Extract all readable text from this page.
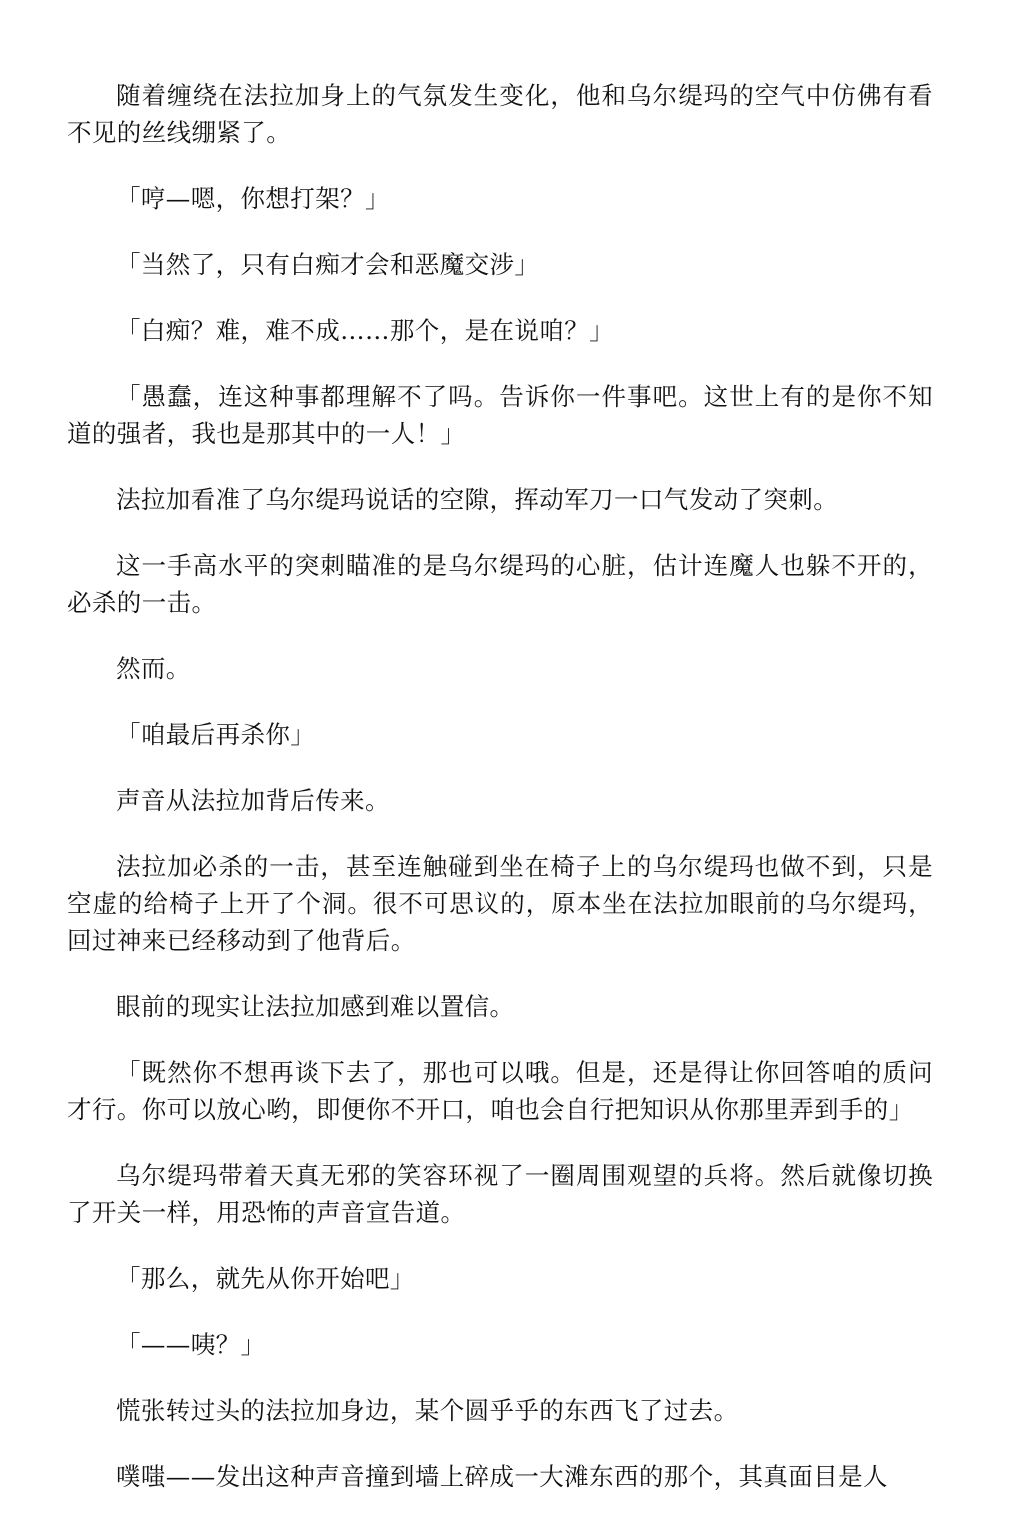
随着缠绕在法拉加身上的气氛发生变化，他和乌尔缇玛的空气中仿佛有看不见的丝线绷紧了。

「哼—嗯，你想打架？」

「当然了，只有白痴才会和恶魔交涉」

「白痴？难，难不成……那个，是在说咱？」

「愚蠢，连这种事都理解不了吗。告诉你一件事吧。这世上有的是你不知道的强者，我也是那其中的一人！」

法拉加看准了乌尔缇玛说话的空隙，挥动军刀一口气发动了突刺。

这一手高水平的突刺瞄准的是乌尔缇玛的心脏，估计连魔人也躲不开的，必杀的一击。

然而。

「咱最后再杀你」

声音从法拉加背后传来。

法拉加必杀的一击，甚至连触碰到坐在椅子上的乌尔缇玛也做不到，只是空虚的给椅子上开了个洞。很不可思议的，原本坐在法拉加眼前的乌尔缇玛，回过神来已经移动到了他背后。

眼前的现实让法拉加感到难以置信。

「既然你不想再谈下去了，那也可以哦。但是，还是得让你回答咱的质问才行。你可以放心哟，即便你不开口，咱也会自行把知识从你那里弄到手的」

乌尔缇玛带着天真无邪的笑容环视了一圈周围观望的兵将。然后就像切换了开关一样，用恐怖的声音宣告道。

「那么，就先从你开始吧」

「——咦？」

慌张转过头的法拉加身边，某个圆乎乎的东西飞了过去。

噗嗤——发出这种声音撞到墙上碎成一大滩东西的那个，其真面目是人
